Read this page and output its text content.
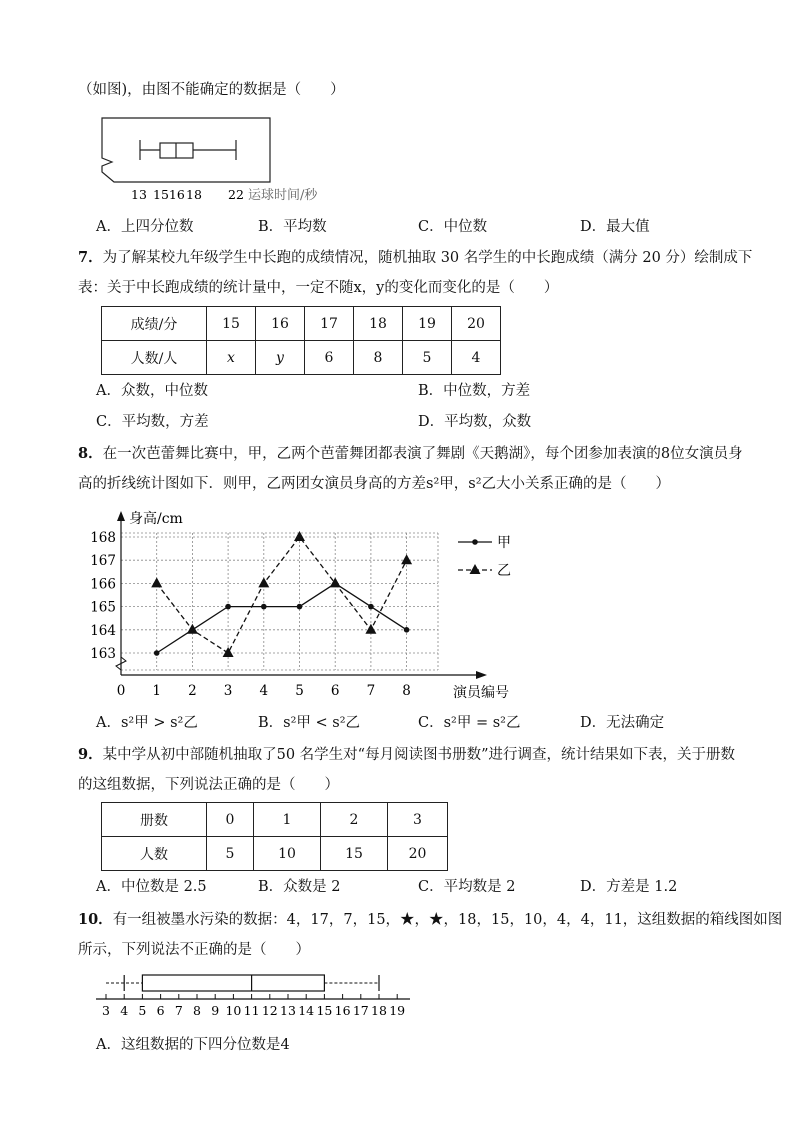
（如图)，由图不能确定的数据是（　　）
13 1516 18 22 运球时间/秒
A．上四分位数	B．平均数	C．中位数	D．最大值
7．为了解某校九年级学生中长跑的成绩情况，随机抽取 30 名学生的中长跑成绩（满分 20 分）绘制成下
表：关于中长跑成绩的统计量中，一定不随x，y的变化而变化的是（　　）
成绩/分	15	16	17	18	19	20
人数/人	x	y	6	8	5	4
A．众数，中位数	B．中位数，方差
C．平均数，方差	D．平均数，众数
8．在一次芭蕾舞比赛中，甲，乙两个芭蕾舞团都表演了舞剧《天鹅湖》，每个团参加表演的8位女演员身
高的折线统计图如下．则甲，乙两团女演员身高的方差s²甲，s²乙大小关系正确的是（　　）
身高/cm
演员编号
163
164
165
166
167
168
0 1 2 3 4 5 6 7 8
甲
乙
A．s²甲 > s²乙	B．s²甲 < s²乙	C．s²甲 = s²乙	D．无法确定
9．某中学从初中部随机抽取了50 名学生对“每月阅读图书册数”进行调查，统计结果如下表，关于册数
的这组数据，下列说法正确的是（　　）
册数	0	1	2	3
人数	5	10	15	20
A．中位数是 2.5	B．众数是 2	C．平均数是 2	D．方差是 1.2
10．有一组被墨水污染的数据：4，17，7，15，★，★，18，15，10，4，4，11，这组数据的箱线图如图
所示，下列说法不正确的是（　　）
3 4 5 6 7 8 9 10 11 12 13 14 15 16 17 18 19
A．这组数据的下四分位数是4
